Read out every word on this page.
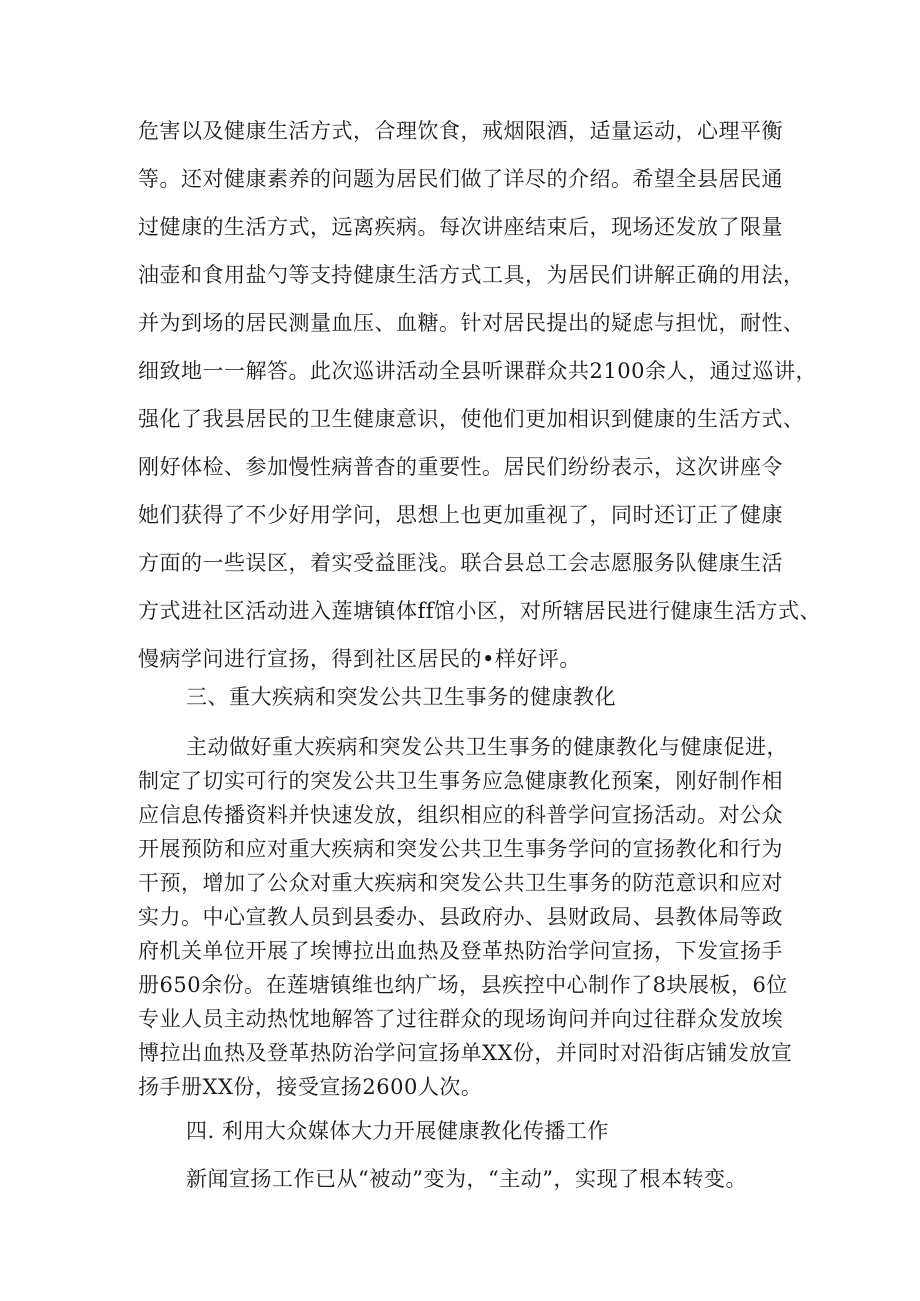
危害以及健康生活方式，合理饮食，戒烟限酒，适量运动，心理平衡
等。还对健康素养的问题为居民们做了详尽的介绍。希望全县居民通
过健康的生活方式，远离疾病。每次讲座结束后，现场还发放了限量
油壶和食用盐勺等支持健康生活方式工具，为居民们讲解正确的用法，
并为到场的居民测量血压、血糖。针对居民提出的疑虑与担忧，耐性、
细致地一一解答。此次巡讲活动全县听课群众共2100余人，通过巡讲，
强化了我县居民的卫生健康意识，使他们更加相识到健康的生活方式、
刚好体检、参加慢性病普杳的重要性。居民们纷纷表示，这次讲座令
她们获得了不少好用学问，思想上也更加重视了，同时还订正了健康
方面的一些误区，着实受益匪浅。联合县总工会志愿服务队健康生活
方式进社区活动进入莲塘镇体ff馆小区，对所辖居民进行健康生活方式、
慢病学问进行宣扬，得到社区居民的•样好评。
三、重大疾病和突发公共卫生事务的健康教化
主动做好重大疾病和突发公共卫生事务的健康教化与健康促进，
制定了切实可行的突发公共卫生事务应急健康教化预案，刚好制作相
应信息传播资料并快速发放，组织相应的科普学问宣扬活动。对公众
开展预防和应对重大疾病和突发公共卫生事务学问的宣扬教化和行为
干预，增加了公众对重大疾病和突发公共卫生事务的防范意识和应对
实力。中心宣教人员到县委办、县政府办、县财政局、县教体局等政
府机关单位开展了埃博拉出血热及登革热防治学问宣扬，下发宣扬手
册650余份。在莲塘镇维也纳广场，县疾控中心制作了8块展板，6位
专业人员主动热忱地解答了过往群众的现场询问并向过往群众发放埃
博拉出血热及登革热防治学问宣扬单XX份，并同时对沿街店铺发放宣
扬手册XX份，接受宣扬2600人次。
四. 利用大众媒体大力开展健康教化传播工作
新闻宣扬工作已从“被动”变为，“主动”，实现了根本转变。
